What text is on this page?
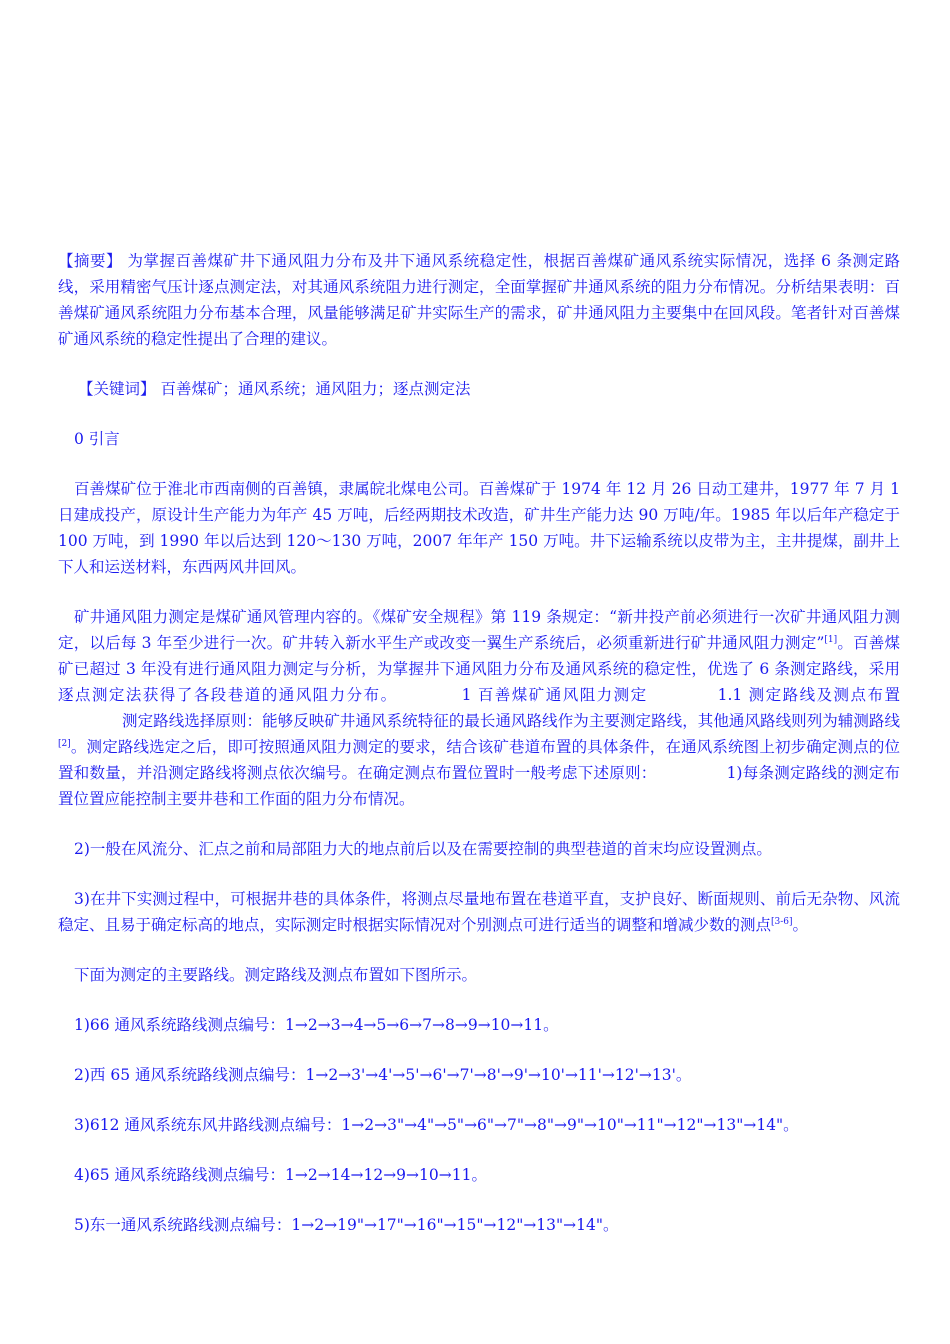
【摘要】 为掌握百善煤矿井下通风阻力分布及井下通风系统稳定性，根据百善煤矿通风系统实际情况，选择 6 条测定路线，采用精密气压计逐点测定法，对其通风系统阻力进行测定，全面掌握矿井通风系统的阻力分布情况。分析结果表明：百善煤矿通风系统阻力分布基本合理，风量能够满足矿井实际生产的需求，矿井通风阻力主要集中在回风段。笔者针对百善煤矿通风系统的稳定性提出了合理的建议。

【关键词】 百善煤矿；通风系统；通风阻力；逐点测定法

0 引言

百善煤矿位于淮北市西南侧的百善镇，隶属皖北煤电公司。百善煤矿于 1974 年 12 月 26 日动工建井，1977 年 7 月 1 日建成投产，原设计生产能力为年产 45 万吨，后经两期技术改造，矿井生产能力达 90 万吨/年。1985 年以后年产稳定于 100 万吨，到 1990 年以后达到 120～130 万吨，2007 年年产 150 万吨。井下运输系统以皮带为主，主井提煤，副井上下人和运送材料，东西两风井回风。

矿井通风阻力测定是煤矿通风管理内容的。《煤矿安全规程》第 119 条规定：“新井投产前必须进行一次矿井通风阻力测定，以后每 3 年至少进行一次。矿井转入新水平生产或改变一翼生产系统后，必须重新进行矿井通风阻力测定”[1]。百善煤矿已超过 3 年没有进行通风阻力测定与分析，为掌握井下通风阻力分布及通风系统的稳定性，优选了 6 条测定路线，采用逐点测定法获得了各段巷道的通风阻力分布。	1 百善煤矿通风阻力测定	1.1 测定路线及测点布置测定路线选择原则：能够反映矿井通风系统特征的最长通风路线作为主要测定路线，其他通风路线则列为辅测路线[2]。测定路线选定之后，即可按照通风阻力测定的要求，结合该矿巷道布置的具体条件，在通风系统图上初步确定测点的位置和数量，并沿测定路线将测点依次编号。在确定测点布置位置时一般考虑下述原则：	1)每条测定路线的测定布置位置应能控制主要井巷和工作面的阻力分布情况。

2)一般在风流分、汇点之前和局部阻力大的地点前后以及在需要控制的典型巷道的首末均应设置测点。

3)在井下实测过程中，可根据井巷的具体条件，将测点尽量地布置在巷道平直，支护良好、断面规则、前后无杂物、风流稳定、且易于确定标高的地点，实际测定时根据实际情况对个别测点可进行适当的调整和增减少数的测点[3-6]。

下面为测定的主要路线。测定路线及测点布置如下图所示。

1)66 通风系统路线测点编号：1→2→3→4→5→6→7→8→9→10→11。

2)西 65 通风系统路线测点编号：1→2→3'→4'→5'→6'→7'→8'→9'→10'→11'→12'→13'。

3)612 通风系统东风井路线测点编号：1→2→3"→4"→5"→6"→7"→8"→9"→10"→11"→12"→13"→14"。

4)65 通风系统路线测点编号：1→2→14→12→9→10→11。

5)东一通风系统路线测点编号：1→2→19"→17"→16"→15"→12"→13"→14"。
